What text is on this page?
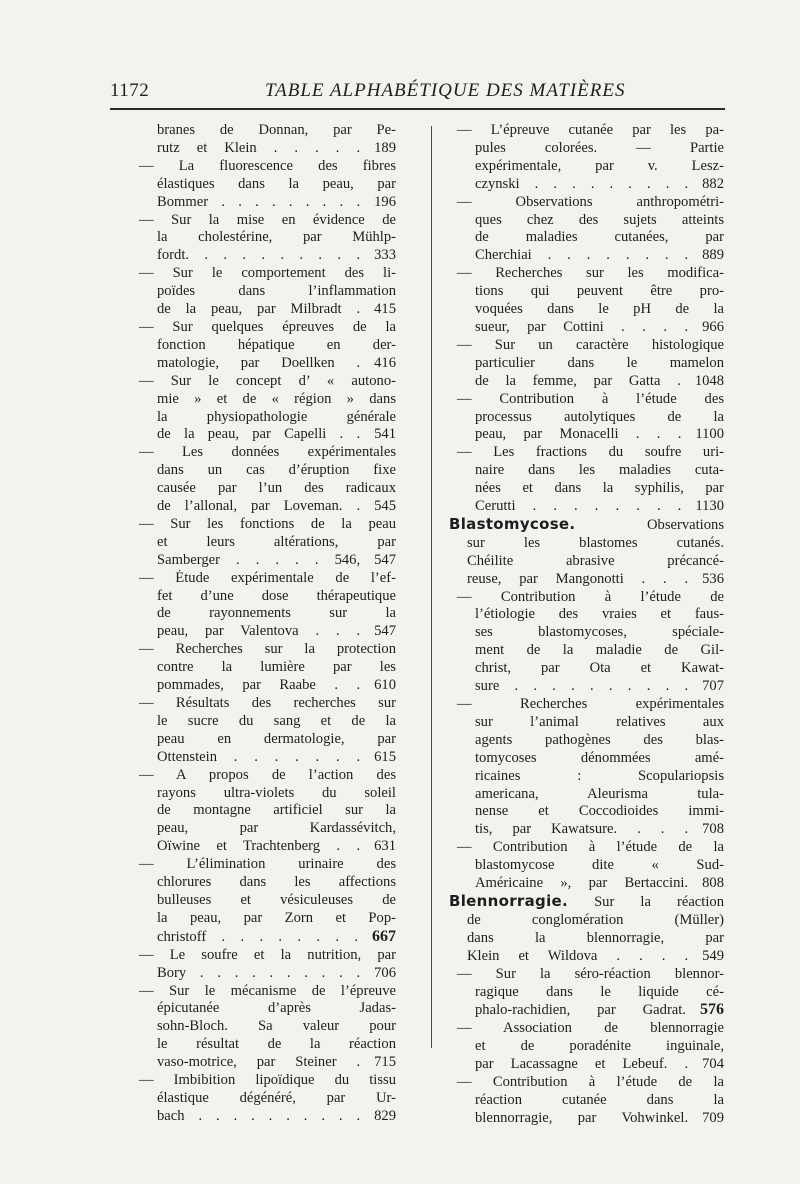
1172	TABLE ALPHABÉTIQUE DES MATIÈRES
branes de Donnan, par Pe-
rutz et Klein . . . . . 189
— La fluorescence des fibres
élastiques dans la peau, par
Bommer . . . . . . . . . 196
— Sur la mise en évidence de
la cholestérine, par Mühlp-
fordt. . . . . . . . . . 333
— Sur le comportement des li-
poïdes dans l’inflammation
de la peau, par Milbradt . 415
— Sur quelques épreuves de la
fonction hépatique en der-
matologie, par Doellken . 416
— Sur le concept d’ « autono-
mie » et de « région » dans
la physiopathologie générale
de la peau, par Capelli . . 541
— Les données expérimentales
dans un cas d’éruption fixe
causée par l’un des radicaux
de l’allonal, par Loveman. . 545
— Sur les fonctions de la peau
et leurs altérations, par
Samberger . . . . . 546, 547
— Étude expérimentale de l’ef-
fet d’une dose thérapeutique
de rayonnements sur la
peau, par Valentova . . . 547
— Recherches sur la protection
contre la lumière par les
pommades, par Raabe . . 610
— Résultats des recherches sur
le sucre du sang et de la
peau en dermatologie, par
Ottenstein . . . . . . . 615
— A propos de l’action des
rayons ultra-violets du soleil
de montagne artificiel sur la
peau, par Kardassévitch,
Oïwine et Trachtenberg . . 631
— L’élimination urinaire des
chlorures dans les affections
bulleuses et vésiculeuses de
la peau, par Zorn et Pop-
christoff . . . . . . . . 667
— Le soufre et la nutrition, par
Bory . . . . . . . . . . 706
— Sur le mécanisme de l’épreuve
épicutanée d’après Jadas-
sohn-Bloch. Sa valeur pour
le résultat de la réaction
vaso-motrice, par Steiner . 715
— Imbibition lipoïdique du tissu
élastique dégénéré, par Ur-
bach . . . . . . . . . . 829
— L’épreuve cutanée par les pa-
pules colorées. — Partie
expérimentale, par v. Lesz-
czynski . . . . . . . . . 882
— Observations anthropométri-
ques chez des sujets atteints
de maladies cutanées, par
Cherchiai . . . . . . . . 889
— Recherches sur les modifica-
tions qui peuvent être pro-
voquées dans le pH de la
sueur, par Cottini . . . . 966
— Sur un caractère histologique
particulier dans le mamelon
de la femme, par Gatta . 1048
— Contribution à l’étude des
processus autolytiques de la
peau, par Monacelli . . . 1100
— Les fractions du soufre uri-
naire dans les maladies cuta-
nées et dans la syphilis, par
Cerutti . . . . . . . . 1130
Blastomycose.	Observations
sur les blastomes cutanés.
Chéilite abrasive précancé-
reuse, par Mangonotti . . . 536
— Contribution à l’étude de
l’étiologie des vraies et faus-
ses blastomycoses, spéciale-
ment de la maladie de Gil-
christ, par Ota et Kawat-
sure . . . . . . . . . . 707
— Recherches expérimentales
sur l’animal relatives aux
agents pathogènes des blas-
tomycoses dénommées amé-
ricaines : Scopulariopsis
americana, Aleurisma tula-
nense et Coccodioides immi-
tis, par Kawatsure. . . . 708
— Contribution à l’étude de la
blastomycose dite « Sud-
Américaine », par Bertaccini. 808
Blennorragie. Sur la réaction
de conglomération (Müller)
dans la blennorragie, par
Klein et Wildova . . . . 549
— Sur la séro-réaction blennor-
ragique dans le liquide cé-
phalo-rachidien, par Gadrat. 576
— Association de blennorragie
et de poradénite inguinale,
par Lacassagne et Lebeuf. . 704
— Contribution à l’étude de la
réaction cutanée dans la
blennorragie, par Vohwinkel. 709
